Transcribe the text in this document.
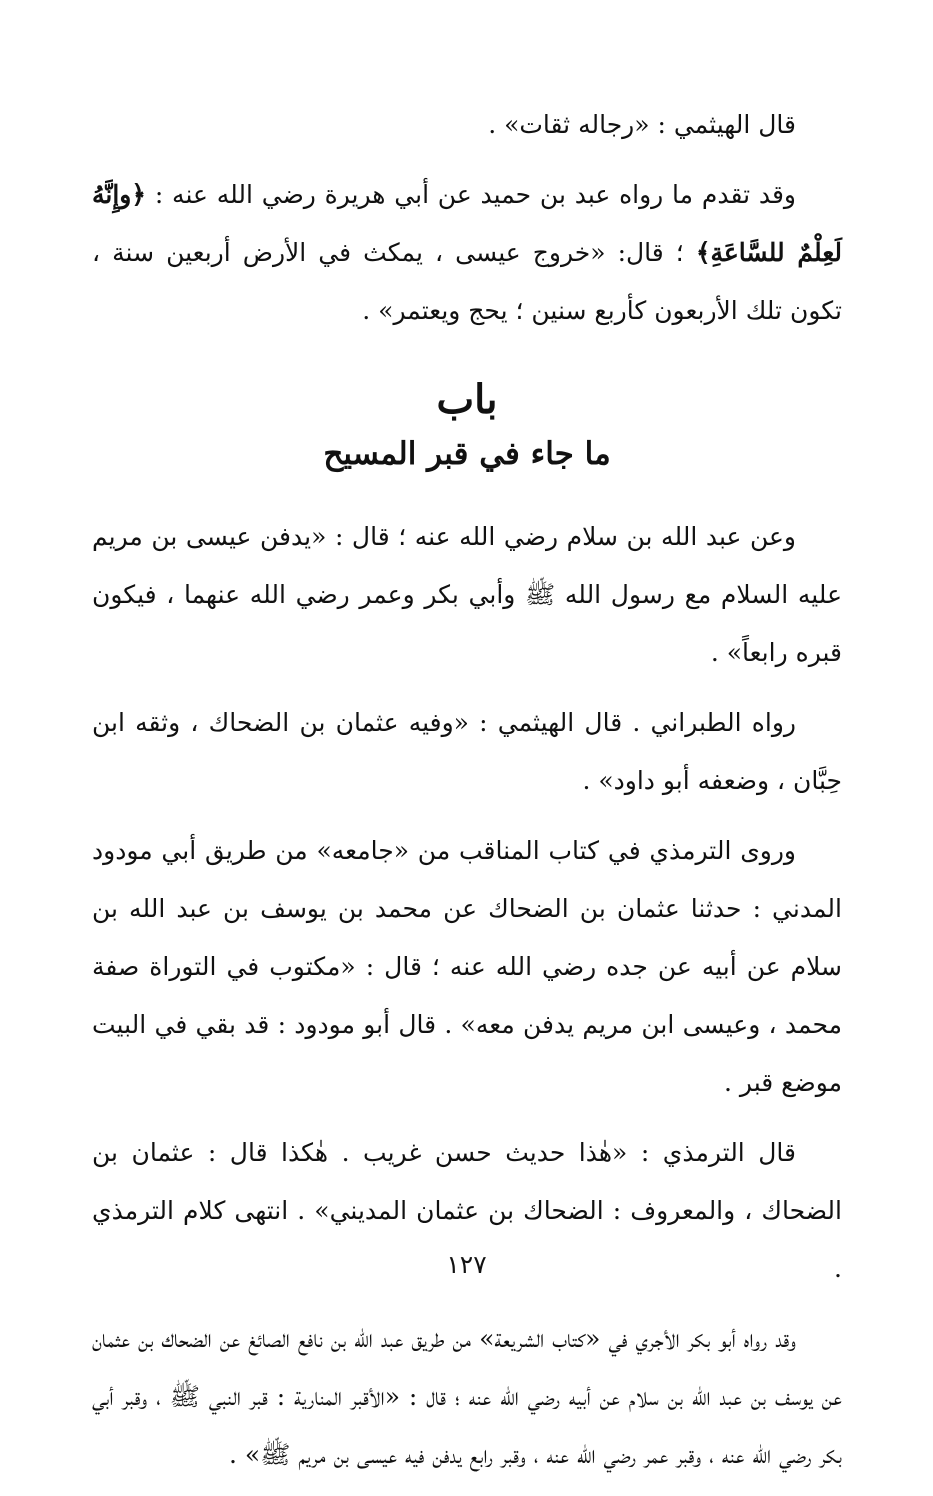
قال الهيثمي : «رجاله ثقات» .

وقد تقدم ما رواه عبد بن حميد عن أبي هريرة رضي الله عنه : ﴿وإِنَّهُ لَعِلْمٌ للسَّاعَةِ﴾ ؛ قال: «خروج عيسى ، يمكث في الأرض أربعين سنة ، تكون تلك الأربعون كأربع سنين ؛ يحج ويعتمر» .

باب
ما جاء في قبر المسيح

وعن عبد الله بن سلام رضي الله عنه ؛ قال : «يدفن عيسى بن مريم عليه السلام مع رسول الله ﷺ وأبي بكر وعمر رضي الله عنهما ، فيكون قبره رابعاً» .

رواه الطبراني . قال الهيثمي : «وفيه عثمان بن الضحاك ، وثقه ابن حِبَّان ، وضعفه أبو داود» .

وروى الترمذي في كتاب المناقب من «جامعه» من طريق أبي مودود المدني : حدثنا عثمان بن الضحاك عن محمد بن يوسف بن عبد الله بن سلام عن أبيه عن جده رضي الله عنه ؛ قال : «مكتوب في التوراة صفة محمد ، وعيسى ابن مريم يدفن معه» . قال أبو مودود : قد بقي في البيت موضع قبر .

قال الترمذي : «هٰذا حديث حسن غريب . هٰكذا قال : عثمان بن الضحاك ، والمعروف : الضحاك بن عثمان المديني» . انتهى كلام الترمذي .

وقد رواه أبو بكر الأجري في «كتاب الشريعة» من طريق عبد الله بن نافع الصائغ عن الضحاك بن عثمان عن يوسف بن عبد الله بن سلام عن أبيه رضي الله عنه ؛ قال : «الأقبر المنارية : قبر النبي ﷺ ، وقبر أبي بكر رضي الله عنه ، وقبر عمر رضي الله عنه ، وقبر رابع يدفن فيه عيسى بن مريم ﷺ» .

١٢٧
